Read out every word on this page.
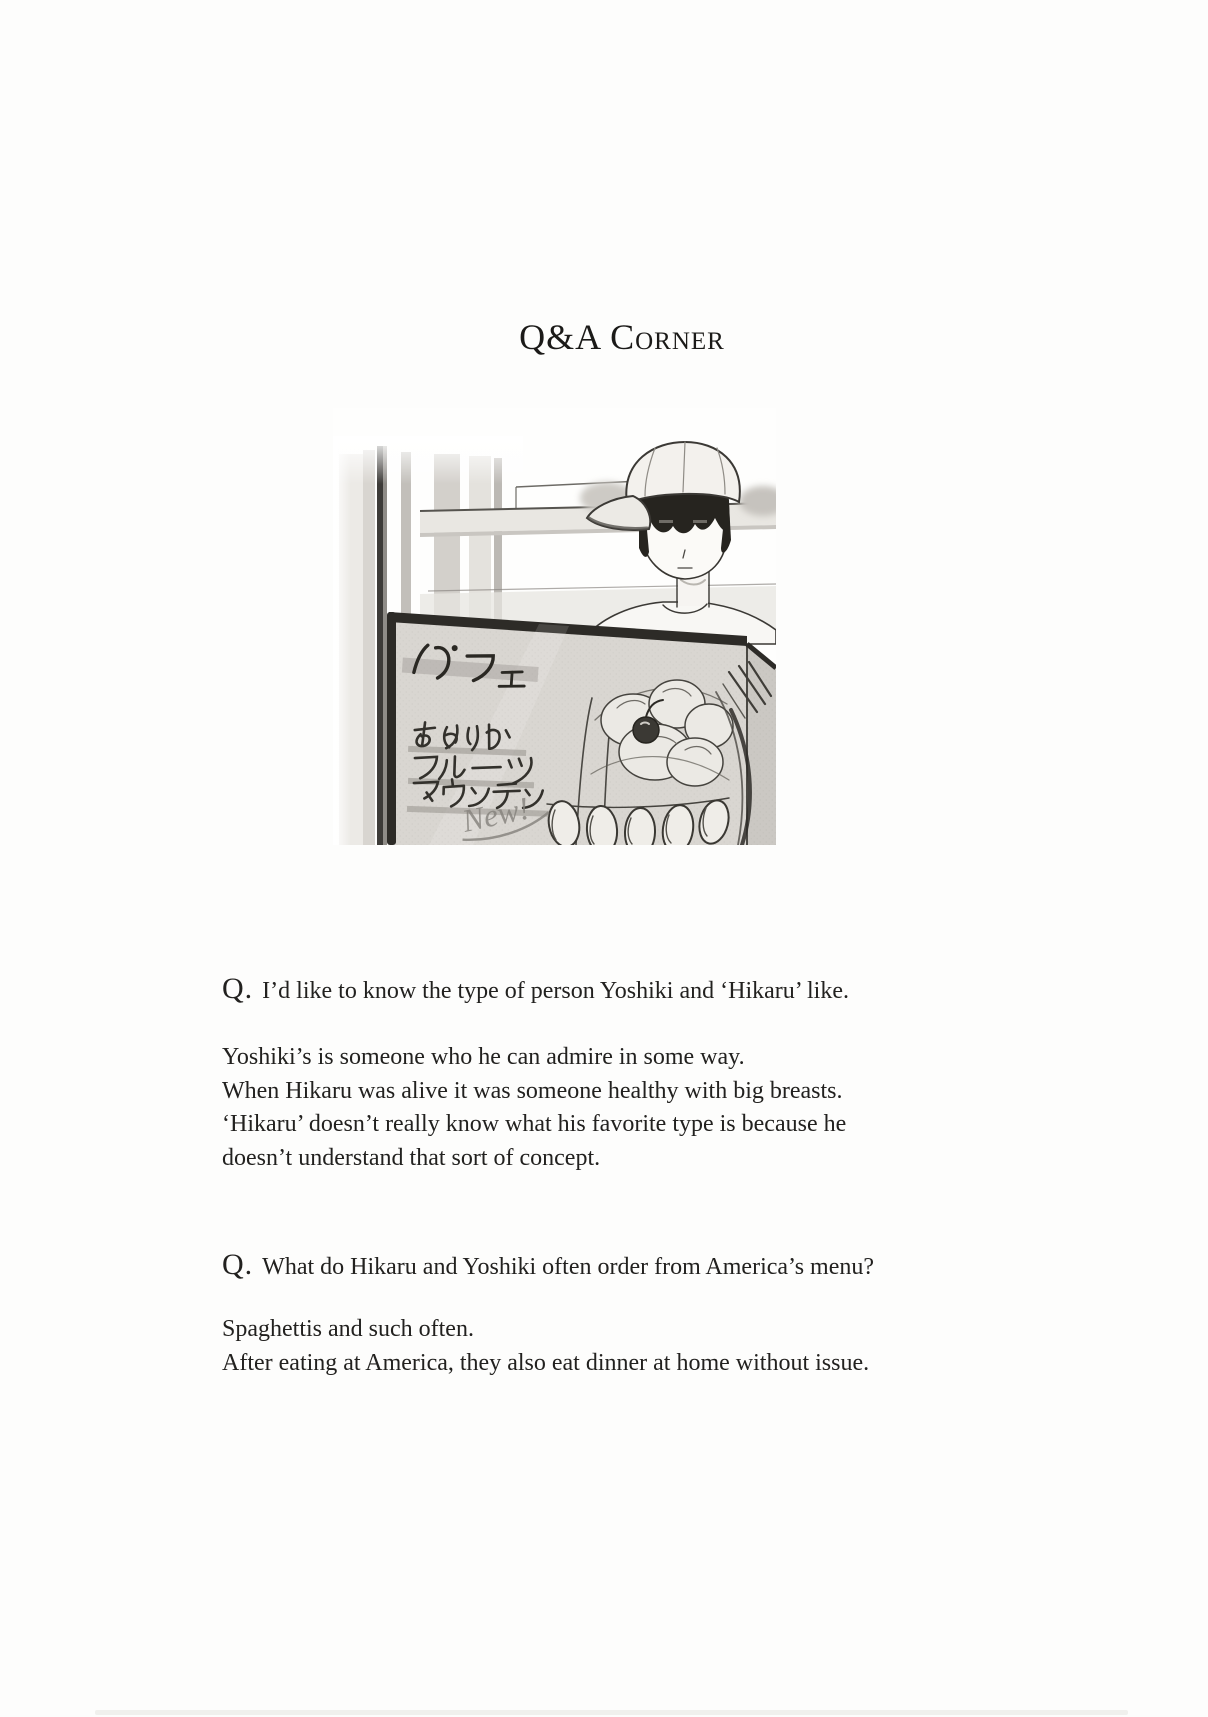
Q&A Corner
New!
Q. I’d like to know the type of person Yoshiki and ‘Hikaru’ like.

Yoshiki’s is someone who he can admire in some way.

When Hikaru was alive it was someone healthy with big breasts.

‘Hikaru’ doesn’t really know what his favorite type is because he

doesn’t understand that sort of concept.

Q. What do Hikaru and Yoshiki often order from America’s menu?

Spaghettis and such often.

After eating at America, they also eat dinner at home without issue.
